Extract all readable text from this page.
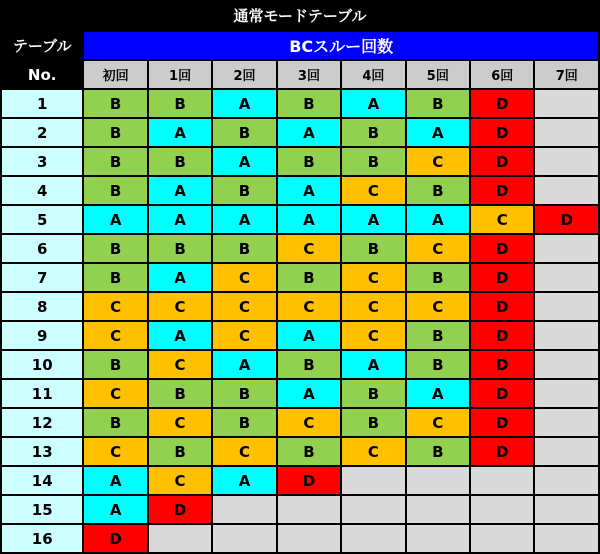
通常モードテーブル
テーブル	BCスルー回数							
No.	初回	1回	2回	3回	4回	5回	6回	7回
1	B	B	A	B	A	B	D	
2	B	A	B	A	B	A	D	
3	B	B	A	B	B	C	D	
4	B	A	B	A	C	B	D	
5	A	A	A	A	A	A	C	D
6	B	B	B	C	B	C	D	
7	B	A	C	B	C	B	D	
8	C	C	C	C	C	C	D	
9	C	A	C	A	C	B	D	
10	B	C	A	B	A	B	D	
11	C	B	B	A	B	A	D	
12	B	C	B	C	B	C	D	
13	C	B	C	B	C	B	D	
14	A	C	A	D				
15	A	D						
16	D							
